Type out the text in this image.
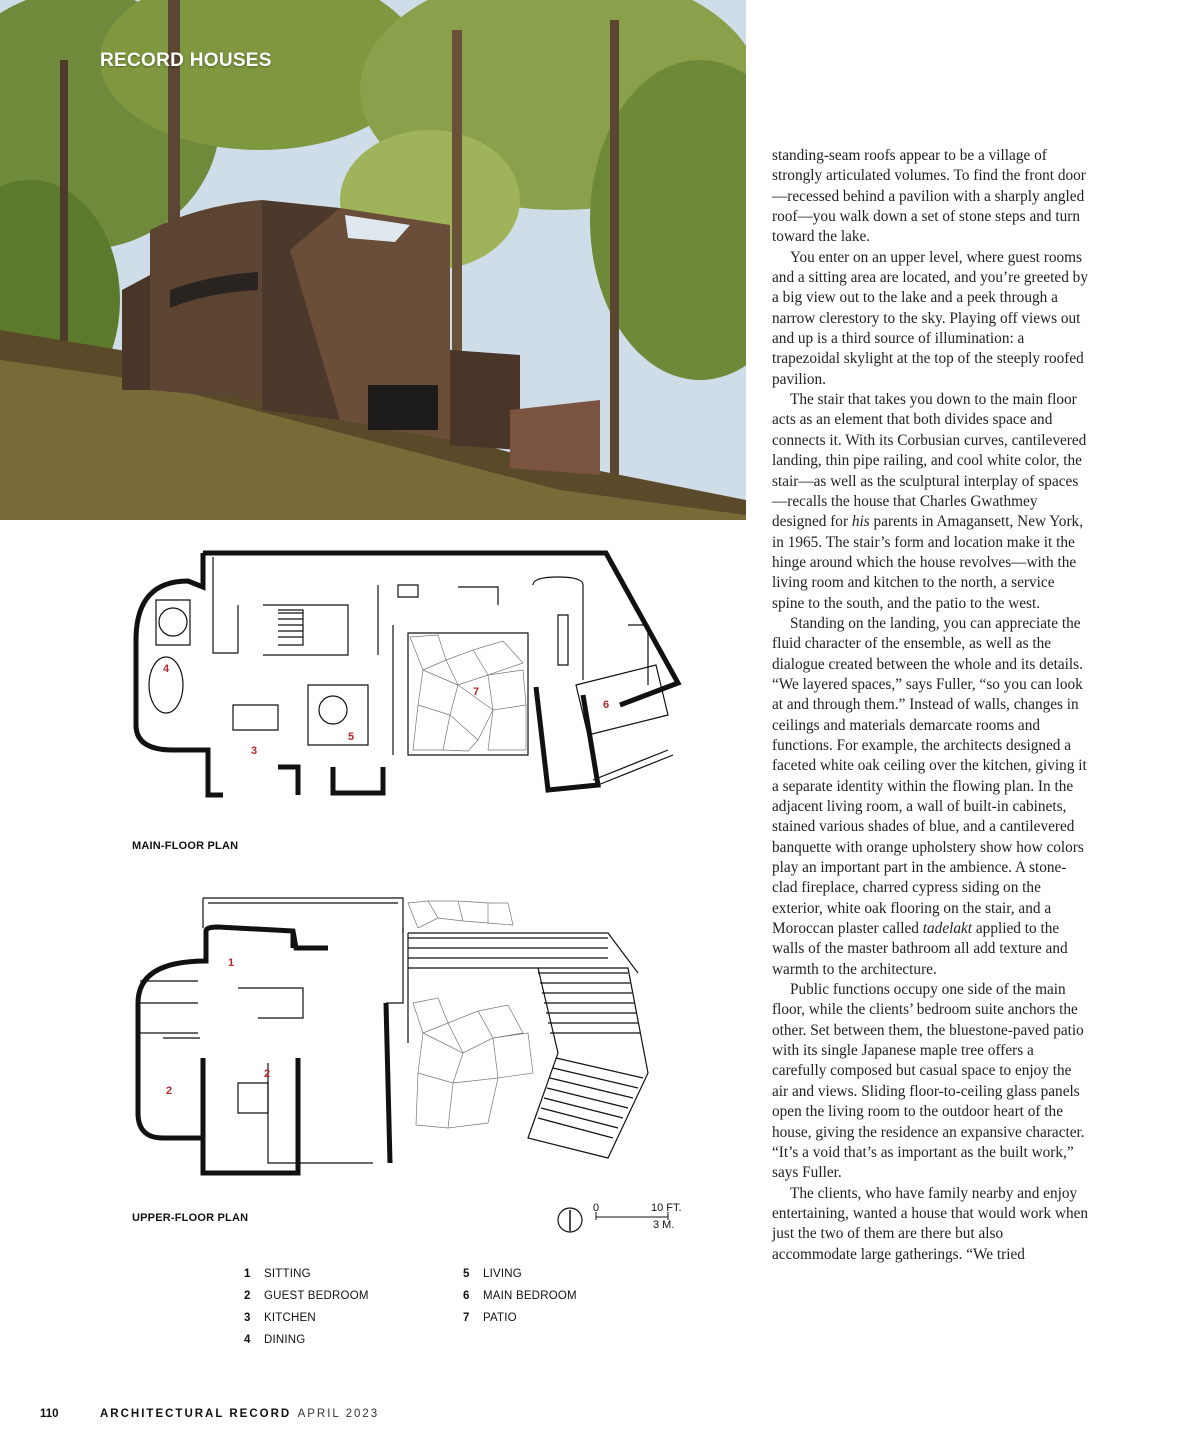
RECORD HOUSES
4
3
5
7
6
MAIN-FLOOR PLAN
1
2
2
UPPER-FLOOR PLAN
0	10 FT.
3 M.
1	SITTING
2	GUEST BEDROOM
3	KITCHEN
4	DINING
5	LIVING
6	MAIN BEDROOM
7	PATIO

standing-seam roofs appear to be a village of strongly articulated volumes. To find the front door—recessed behind a pavilion with a sharply angled roof—you walk down a set of stone steps and turn toward the lake.

You enter on an upper level, where guest rooms and a sitting area are located, and you’re greeted by a big view out to the lake and a peek through a narrow clerestory to the sky. Playing off views out and up is a third source of illumination: a trapezoidal skylight at the top of the steeply roofed pavilion.

The stair that takes you down to the main floor acts as an element that both divides space and connects it. With its Corbusian curves, cantilevered landing, thin pipe railing, and cool white color, the stair—as well as the sculptural interplay of spaces—recalls the house that Charles Gwathmey designed for his parents in Amagansett, New York, in 1965. The stair’s form and location make it the hinge around which the house revolves—with the living room and kitchen to the north, a service spine to the south, and the patio to the west.

Standing on the landing, you can appreciate the fluid character of the ensemble, as well as the dialogue created between the whole and its details. “We layered spaces,” says Fuller, “so you can look at and through them.” Instead of walls, changes in ceilings and materials demarcate rooms and functions. For example, the architects designed a faceted white oak ceiling over the kitchen, giving it a separate identity within the flowing plan. In the adjacent living room, a wall of built-in cabinets, stained various shades of blue, and a cantilevered banquette with orange upholstery show how colors play an important part in the ambience. A stone-clad fireplace, charred cypress siding on the exterior, white oak flooring on the stair, and a Moroccan plaster called tadelakt applied to the walls of the master bathroom all add texture and warmth to the architecture.

Public functions occupy one side of the main floor, while the clients’ bedroom suite anchors the other. Set between them, the bluestone-paved patio with its single Japanese maple tree offers a carefully composed but casual space to enjoy the air and views. Sliding floor-to-ceiling glass panels open the living room to the outdoor heart of the house, giving the residence an expansive character. “It’s a void that’s as important as the built work,” says Fuller.

The clients, who have family nearby and enjoy entertaining, wanted a house that would work when just the two of them are there but also accommodate large gatherings. “We tried

110	ARCHITECTURAL RECORD APRIL 2023
